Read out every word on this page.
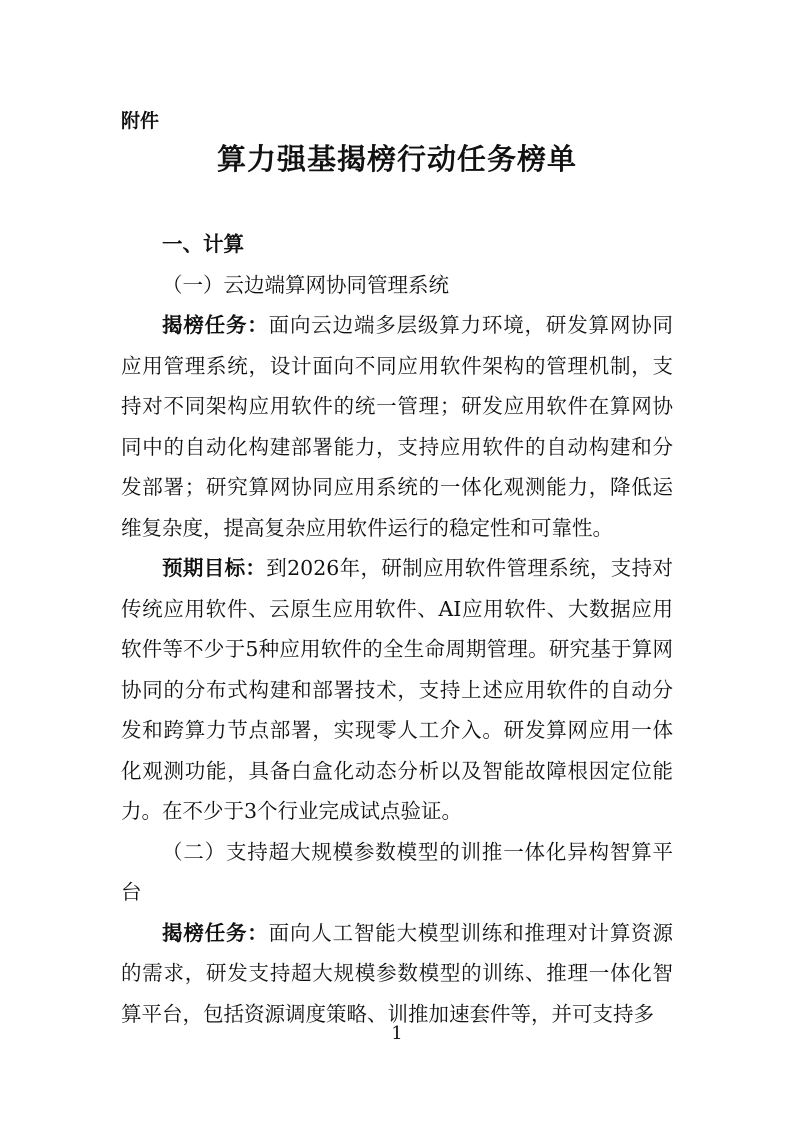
附件

算力强基揭榜行动任务榜单

一、计算

（一）云边端算网协同管理系统

揭榜任务：面向云边端多层级算力环境，研发算网协同应用管理系统，设计面向不同应用软件架构的管理机制，支持对不同架构应用软件的统一管理；研发应用软件在算网协同中的自动化构建部署能力，支持应用软件的自动构建和分发部署；研究算网协同应用系统的一体化观测能力，降低运维复杂度，提高复杂应用软件运行的稳定性和可靠性。

预期目标：到2026年，研制应用软件管理系统，支持对传统应用软件、云原生应用软件、AI应用软件、大数据应用软件等不少于5种应用软件的全生命周期管理。研究基于算网协同的分布式构建和部署技术，支持上述应用软件的自动分发和跨算力节点部署，实现零人工介入。研发算网应用一体化观测功能，具备白盒化动态分析以及智能故障根因定位能力。在不少于3个行业完成试点验证。

（二）支持超大规模参数模型的训推一体化异构智算平台

揭榜任务：面向人工智能大模型训练和推理对计算资源的需求，研发支持超大规模参数模型的训练、推理一体化智算平台，包括资源调度策略、训推加速套件等，并可支持多

1
